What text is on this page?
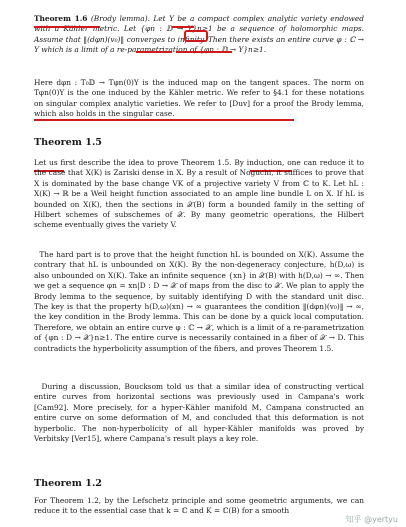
Theorem 1.6 (Brody lemma). Let Y be a compact complex analytic variety endowed with a Kähler metric. Let {φn : 𝔻 → Y}n≥1 be a sequence of holomorphic maps. Assume that ‖(dφn)(v₀)‖ converges to infinity. Then there exists an entire curve φ : ℂ → Y which is a limit of a re-parametrization of {φn : 𝔻 → Y}n≥1.

Here dφn : T₀𝔻 → Tφn(0)Y is the induced map on the tangent spaces. The norm on Tφn(0)Y is the one induced by the Kähler metric. We refer to §4.1 for these notations on singular complex analytic varieties. We refer to [Duv] for a proof the Brody lemma, which also holds in the singular case.

Theorem 1.5

Let us first describe the idea to prove Theorem 1.5. By induction, one can reduce it to the case that X(K) is Zariski dense in X. By a result of Noguchi, it suffices to prove that X is dominated by the base change VK of a projective variety V from ℂ to K. Let hL : X(K) → ℝ be a Weil height function associated to an ample line bundle L on X. If hL is bounded on X(K), then the sections in 𝒳(B) form a bounded family in the setting of Hilbert schemes of subschemes of 𝒳. By many geometric operations, the Hilbert scheme eventually gives the variety V.

The hard part is to prove that the height function hL is bounded on X(K). Assume the contrary that hL is unbounded on X(K). By the non-degeneracy conjecture, h(D,ω) is also unbounded on X(K). Take an infinite sequence {xn} in 𝒳(B) with h(D,ω) → ∞. Then we get a sequence φn = xn|D : D → 𝒳 of maps from the disc to 𝒳. We plan to apply the Brody lemma to the sequence, by suitably identifying D with the standard unit disc. The key is that the property h(D,ω)(xn) → ∞ guarantees the condition ‖(dφn)(v₀)‖ → ∞, the key condition in the Brody lemma. This can be done by a quick local computation. Therefore, we obtain an entire curve φ : ℂ → 𝒳, which is a limit of a re-parametrization of {φn : D → 𝒳}n≥1. The entire curve is necessarily contained in a fiber of 𝒳 → D. This contradicts the hyperbolicity assumption of the fibers, and proves Theorem 1.5.

During a discussion, Boucksom told us that a similar idea of constructing vertical entire curves from horizontal sections was previously used in Campana's work [Cam92]. More precisely, for a hyper-Kähler manifold M, Campana constructed an entire curve on some deformation of M, and concluded that this deformation is not hyperbolic. The non-hyperbolicity of all hyper-Kähler manifolds was proved by Verbitsky [Ver15], where Campana's result plays a key role.

Theorem 1.2

For Theorem 1.2, by the Lefschetz principle and some geometric arguments, we can reduce it to the essential case that k = ℂ and K = ℂ(B) for a smooth

知乎 @yertyu
